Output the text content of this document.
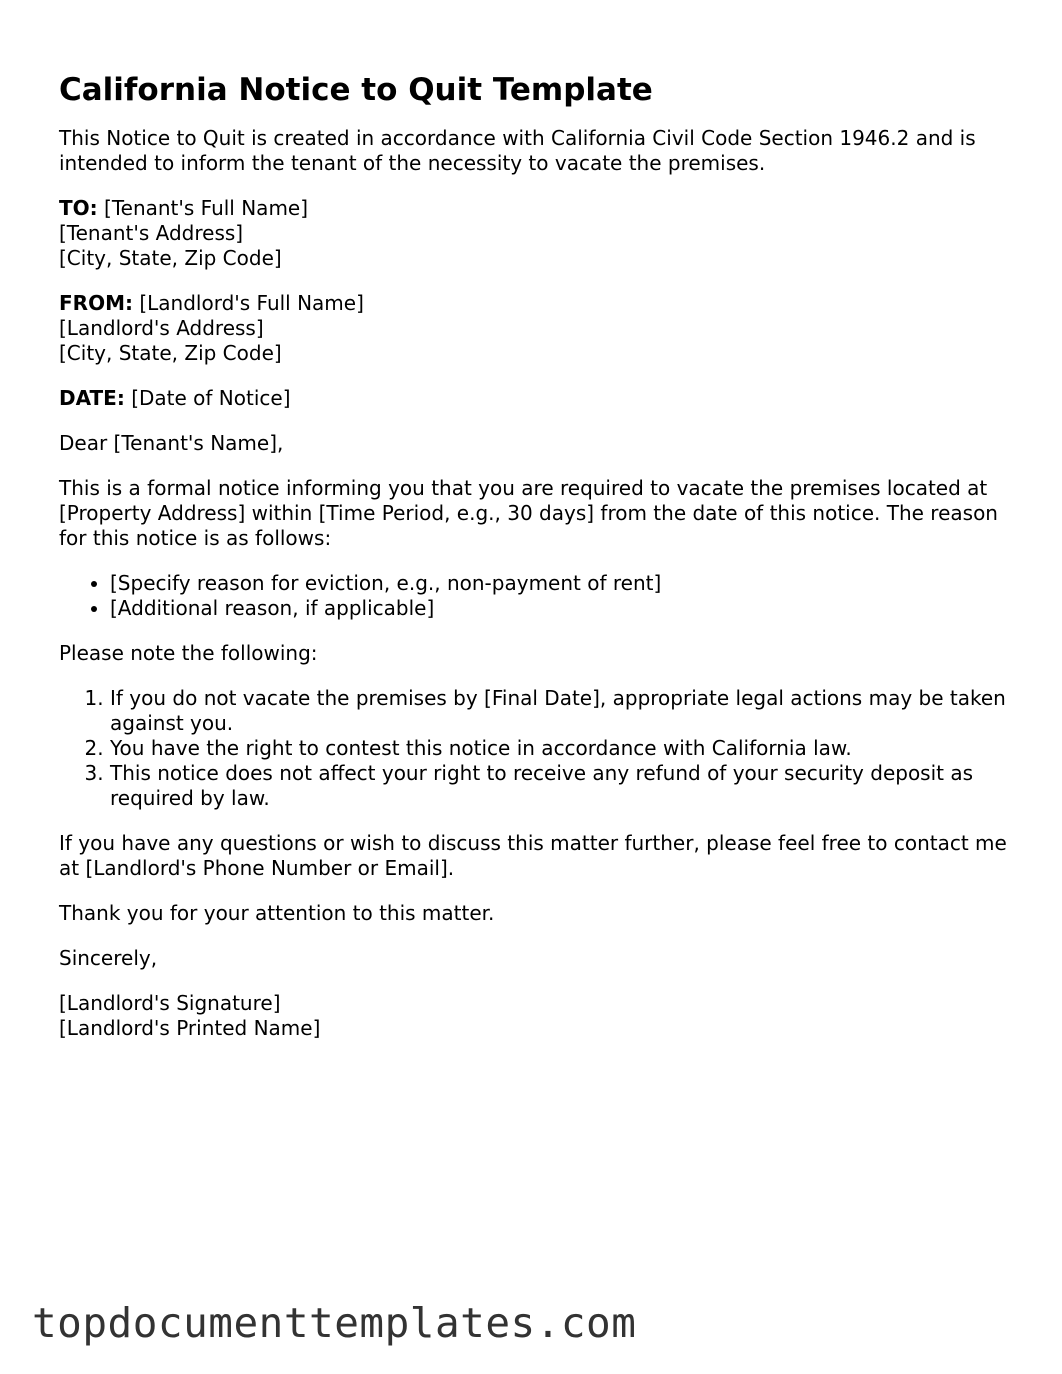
California Notice to Quit Template

This Notice to Quit is created in accordance with California Civil Code Section 1946.2 and is intended to inform the tenant of the necessity to vacate the premises.

TO: [Tenant's Full Name]
[Tenant's Address]
[City, State, Zip Code]

FROM: [Landlord's Full Name]
[Landlord's Address]
[City, State, Zip Code]

DATE: [Date of Notice]

Dear [Tenant's Name],

This is a formal notice informing you that you are required to vacate the premises located at [Property Address] within [Time Period, e.g., 30 days] from the date of this notice. The reason for this notice is as follows:

• [Specify reason for eviction, e.g., non-payment of rent]
• [Additional reason, if applicable]

Please note the following:

1. If you do not vacate the premises by [Final Date], appropriate legal actions may be taken against you.
2. You have the right to contest this notice in accordance with California law.
3. This notice does not affect your right to receive any refund of your security deposit as required by law.

If you have any questions or wish to discuss this matter further, please feel free to contact me at [Landlord's Phone Number or Email].

Thank you for your attention to this matter.

Sincerely,

[Landlord's Signature]
[Landlord's Printed Name]

topdocumenttemplates.com
